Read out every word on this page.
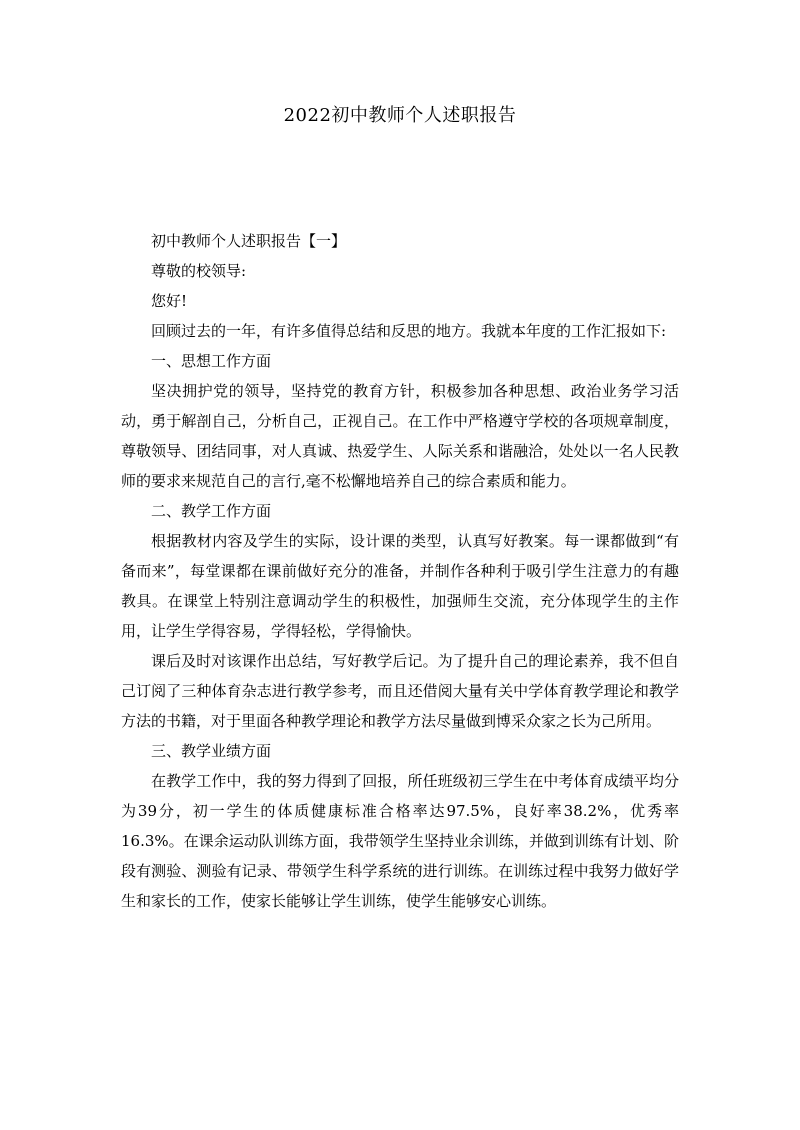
2022初中教师个人述职报告

初中教师个人述职报告【一】

尊敬的校领导:

您好!

回顾过去的一年，有许多值得总结和反思的地方。我就本年度的工作汇报如下:

一、思想工作方面

坚决拥护党的领导，坚持党的教育方针，积极参加各种思想、政治业务学习活动，勇于解剖自己，分析自己，正视自己。在工作中严格遵守学校的各项规章制度，尊敬领导、团结同事，对人真诚、热爱学生、人际关系和谐融洽，处处以一名人民教师的要求来规范自己的言行,毫不松懈地培养自己的综合素质和能力。

二、教学工作方面

根据教材内容及学生的实际，设计课的类型，认真写好教案。每一课都做到“有备而来”，每堂课都在课前做好充分的准备，并制作各种利于吸引学生注意力的有趣教具。在课堂上特别注意调动学生的积极性，加强师生交流，充分体现学生的主作用，让学生学得容易，学得轻松，学得愉快。

课后及时对该课作出总结，写好教学后记。为了提升自己的理论素养，我不但自己订阅了三种体育杂志进行教学参考，而且还借阅大量有关中学体育教学理论和教学方法的书籍，对于里面各种教学理论和教学方法尽量做到博采众家之长为己所用。

三、教学业绩方面

在教学工作中，我的努力得到了回报，所任班级初三学生在中考体育成绩平均分为39分，初一学生的体质健康标准合格率达97.5%，良好率38.2%，优秀率16.3%。在课余运动队训练方面，我带领学生坚持业余训练，并做到训练有计划、阶段有测验、测验有记录、带领学生科学系统的进行训练。在训练过程中我努力做好学生和家长的工作，使家长能够让学生训练，使学生能够安心训练。
